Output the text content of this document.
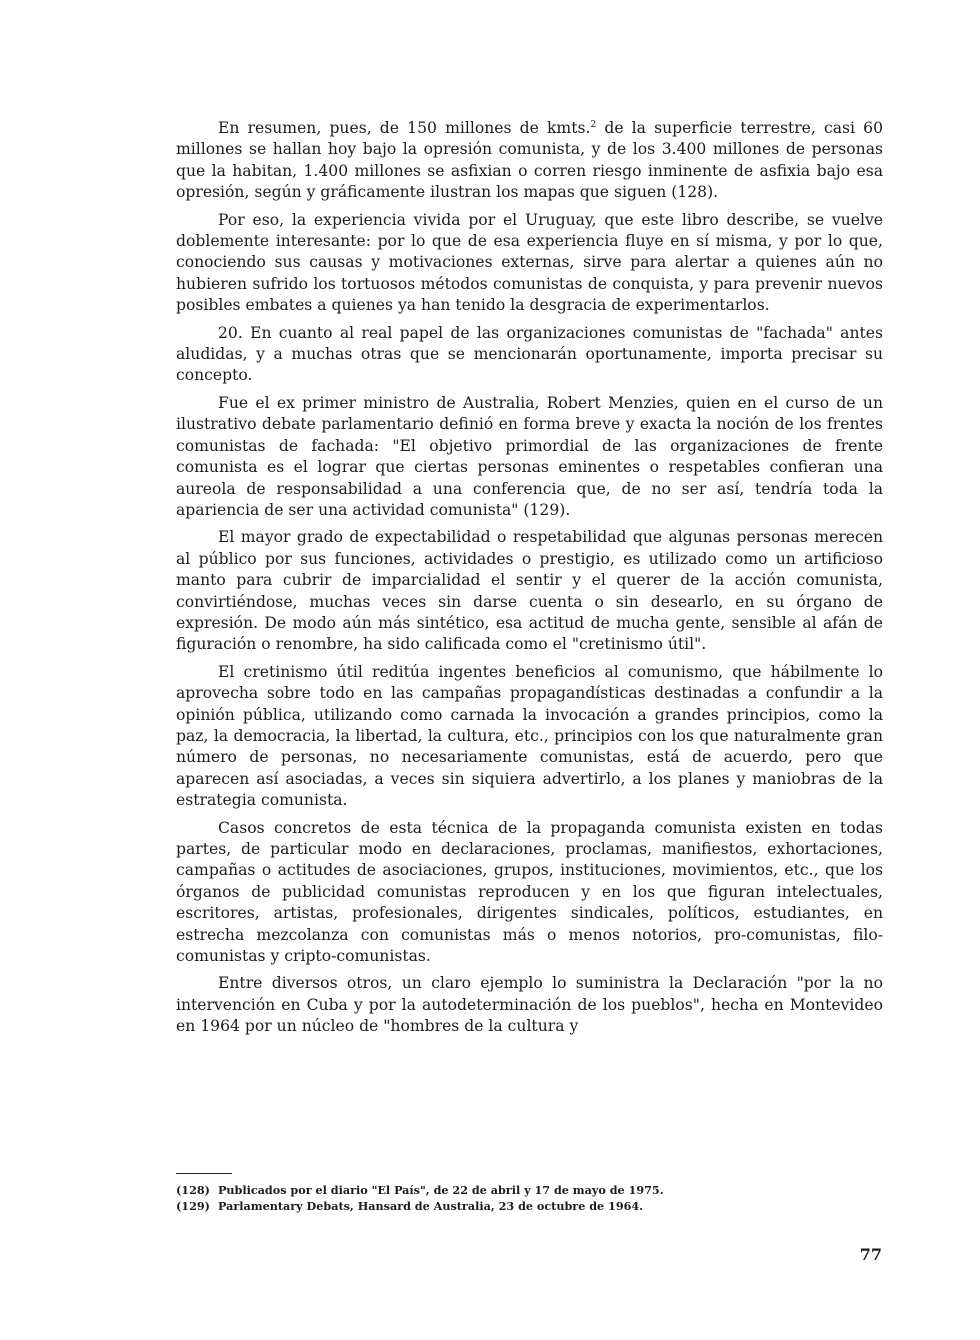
En resumen, pues, de 150 millones de kmts.$^2$ de la superficie terrestre, casi 60 millones se hallan hoy bajo la opresión comunista, y de los 3.400 millones de personas que la habitan, 1.400 millones se asfixian o corren riesgo inminente de asfixia bajo esa opresión, según y gráficamente ilustran los mapas que siguen (128).

Por eso, la experiencia vivida por el Uruguay, que este libro describe, se vuelve doblemente interesante: por lo que de esa experiencia fluye en sí misma, y por lo que, conociendo sus causas y motivaciones externas, sirve para alertar a quienes aún no hubieren sufrido los tortuosos métodos comunistas de conquista, y para prevenir nuevos posibles embates a quienes ya han tenido la desgracia de experimentarlos.

20. En cuanto al real papel de las organizaciones comunistas de "fachada" antes aludidas, y a muchas otras que se mencionarán oportunamente, importa precisar su concepto.

Fue el ex primer ministro de Australia, Robert Menzies, quien en el curso de un ilustrativo debate parlamentario definió en forma breve y exacta la noción de los frentes comunistas de fachada: "El objetivo primordial de las organizaciones de frente comunista es el lograr que ciertas personas eminentes o respetables confieran una aureola de responsabilidad a una conferencia que, de no ser así, tendría toda la apariencia de ser una actividad comunista" (129).

El mayor grado de expectabilidad o respetabilidad que algunas personas merecen al público por sus funciones, actividades o prestigio, es utilizado como un artificioso manto para cubrir de imparcialidad el sentir y el querer de la acción comunista, convirtiéndose, muchas veces sin darse cuenta o sin desearlo, en su órgano de expresión. De modo aún más sintético, esa actitud de mucha gente, sensible al afán de figuración o renombre, ha sido calificada como el "cretinismo útil".

El cretinismo útil reditúa ingentes beneficios al comunismo, que hábilmente lo aprovecha sobre todo en las campañas propagandísticas destinadas a confundir a la opinión pública, utilizando como carnada la invocación a grandes principios, como la paz, la democracia, la libertad, la cultura, etc., principios con los que naturalmente gran número de personas, no necesariamente comunistas, está de acuerdo, pero que aparecen así asociadas, a veces sin siquiera advertirlo, a los planes y maniobras de la estrategia comunista.

Casos concretos de esta técnica de la propaganda comunista existen en todas partes, de particular modo en declaraciones, proclamas, manifiestos, exhortaciones, campañas o actitudes de asociaciones, grupos, instituciones, movimientos, etc., que los órganos de publicidad comunistas reproducen y en los que figuran intelectuales, escritores, artistas, profesionales, dirigentes sindicales, políticos, estudiantes, en estrecha mezcolanza con comunistas más o menos notorios, pro-comunistas, filo-comunistas y cripto-comunistas.

Entre diversos otros, un claro ejemplo lo suministra la Declaración "por la no intervención en Cuba y por la autodeterminación de los pueblos", hecha en Montevideo en 1964 por un núcleo de "hombres de la cultura y

(128) Publicados por el diario "El País", de 22 de abril y 17 de mayo de 1975.

(129) Parlamentary Debats, Hansard de Australia, 23 de octubre de 1964.

77
